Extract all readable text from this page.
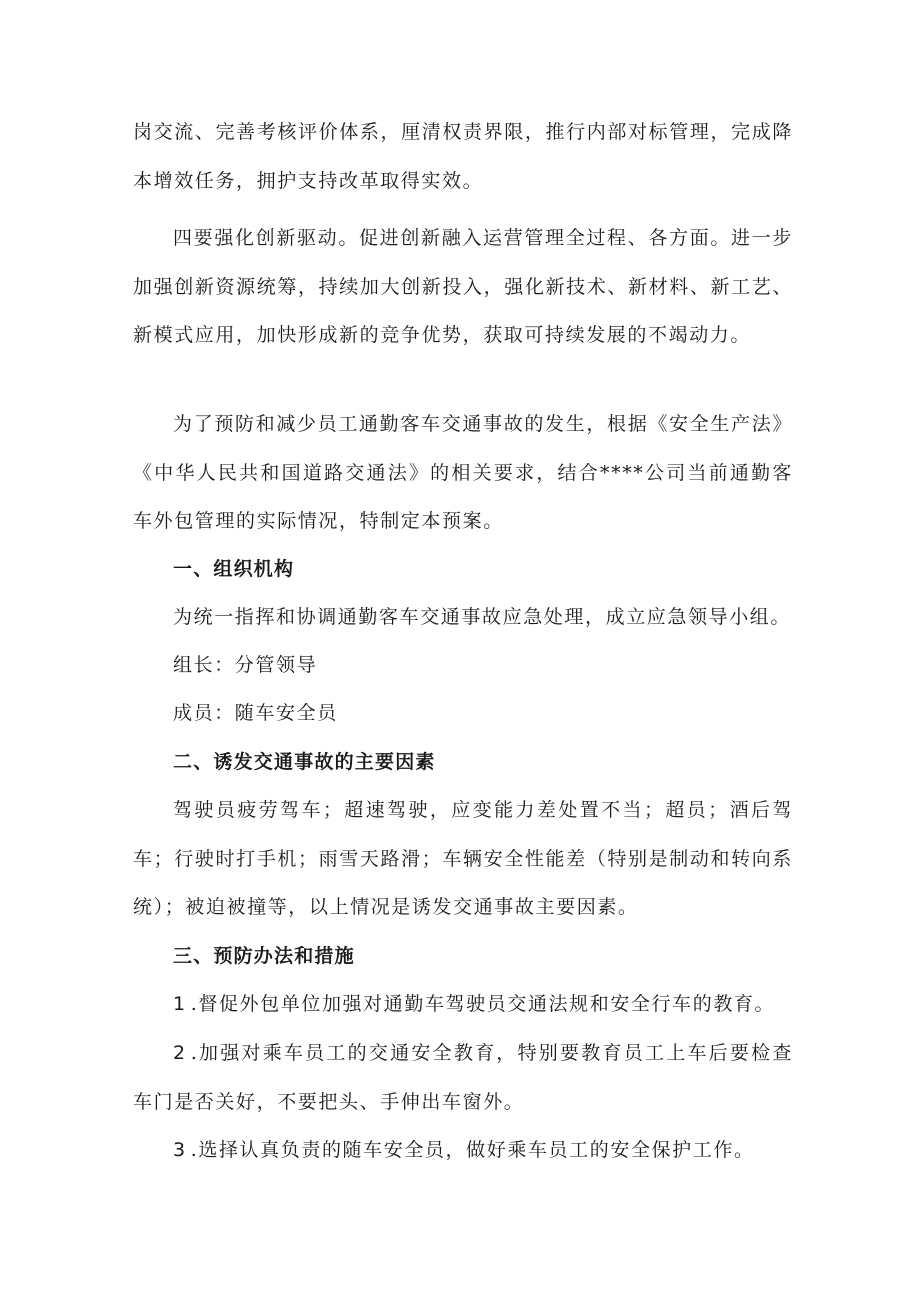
岗交流、完善考核评价体系，厘清权责界限，推行内部对标管理，完成降本增效任务，拥护支持改革取得实效。

四要强化创新驱动。促进创新融入运营管理全过程、各方面。进一步加强创新资源统筹，持续加大创新投入，强化新技术、新材料、新工艺、新模式应用，加快形成新的竞争优势，获取可持续发展的不竭动力。

为了预防和减少员工通勤客车交通事故的发生，根据《安全生产法》《中华人民共和国道路交通法》的相关要求，结合****公司当前通勤客车外包管理的实际情况，特制定本预案。

一、组织机构

为统一指挥和协调通勤客车交通事故应急处理，成立应急领导小组。

组长：分管领导

成员：随车安全员

二、诱发交通事故的主要因素

驾驶员疲劳驾车；超速驾驶，应变能力差处置不当；超员；酒后驾车；行驶时打手机；雨雪天路滑；车辆安全性能差（特别是制动和转向系统）；被迫被撞等，以上情况是诱发交通事故主要因素。

三、预防办法和措施

1 .督促外包单位加强对通勤车驾驶员交通法规和安全行车的教育。

2 .加强对乘车员工的交通安全教育，特别要教育员工上车后要检查车门是否关好，不要把头、手伸出车窗外。

3 .选择认真负责的随车安全员，做好乘车员工的安全保护工作。
